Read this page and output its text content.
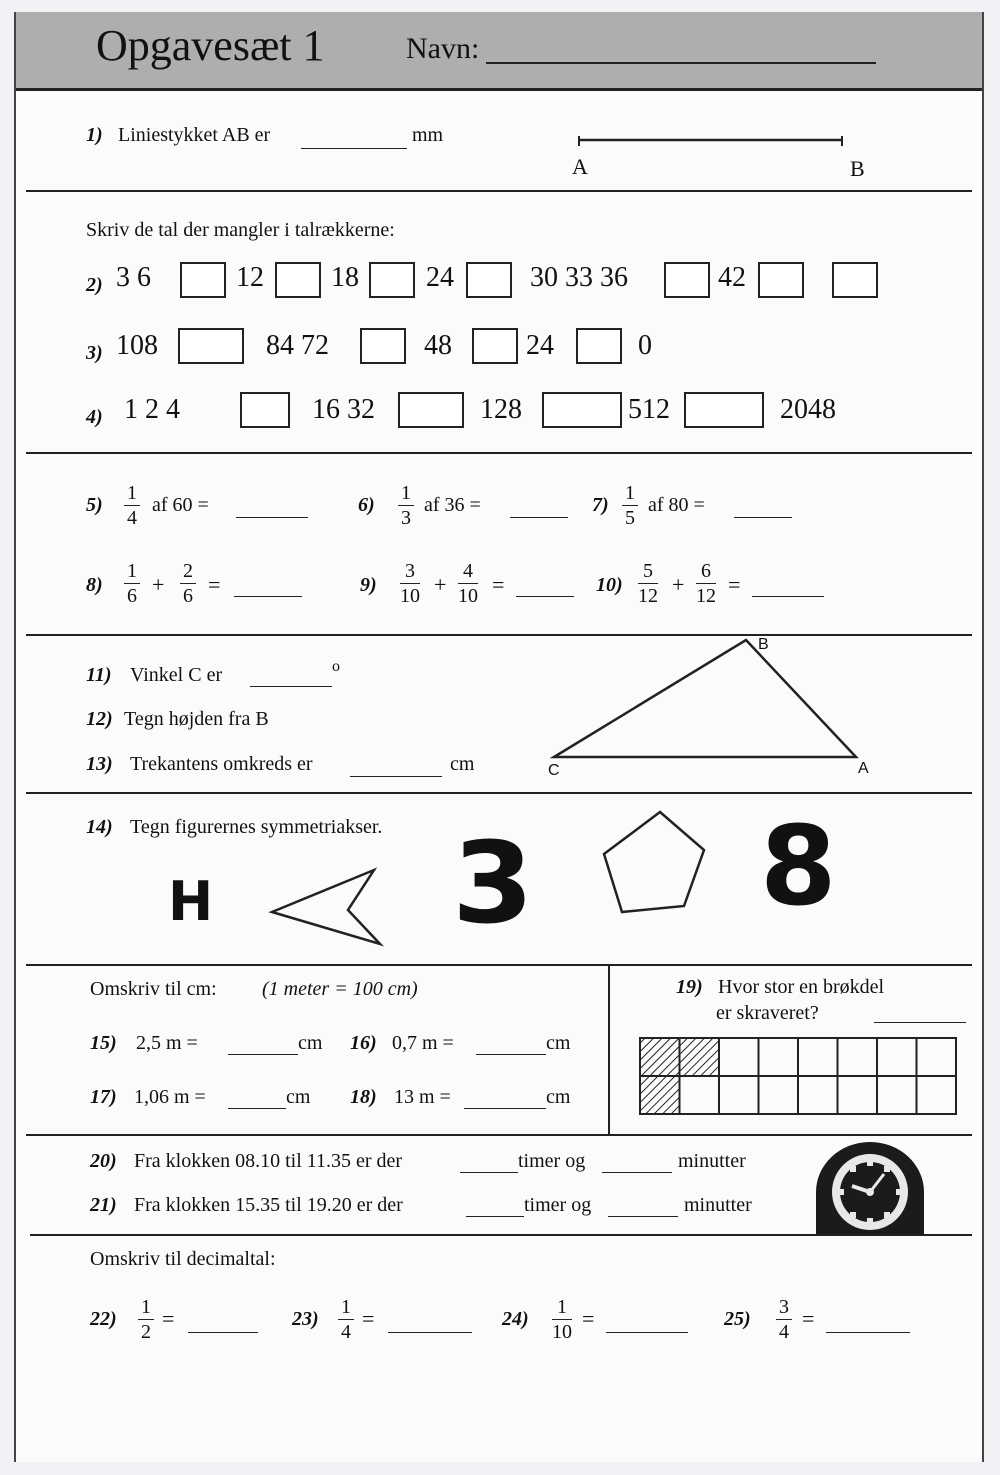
Opgavesæt 1	Navn:
1) Liniestykket AB er	mm
A	B
Skriv de tal der mangler i talrækkerne:
2) 3 6	12 18 24	30 33 36	42
3) 108	84 72	48	24	0
4) 1 2 4	16 32	128	512	2048
5)
1
4
af 60 =	6)
1
3
af 36 =	7)
1
5
af 80 =
8)
1
6 +
2
6 =	9)
3
10 +
4
10 =	10)
5
12 +
6
12 =
11) Vinkel C er	o
12) Tegn højden fra B
13) Trekantens omkreds er	cm
B
C	A
14) Tegn figurernes symmetriakser.
H 3 8
Omskriv til cm: (1 meter = 100 cm)
15) 2,5 m =	cm 16) 0,7 m =	cm
17) 1,06 m =	cm 18) 13 m =	cm
19) Hvor stor en brøkdel
er skraveret?
20) Fra klokken 08.10 til 11.35 er der	timer og	minutter
21) Fra klokken 15.35 til 19.20 er der	timer og	minutter
Omskriv til decimaltal:
22)
1
2
=	23)
1
4
=	24)
1
10
=	25)
3
4
=
